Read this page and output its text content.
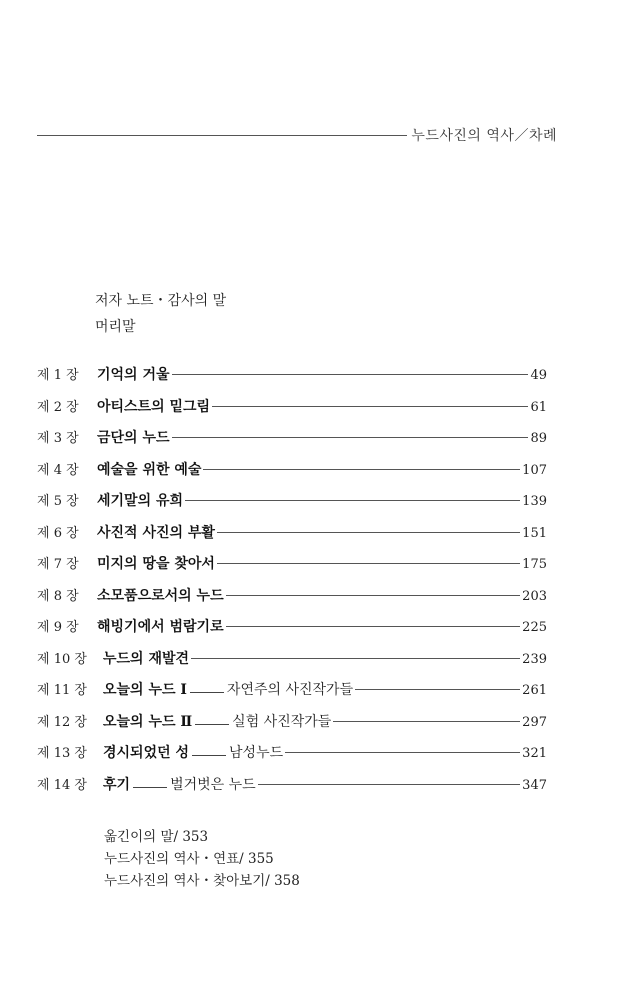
누드사진의 역사／차례
저자 노트・감사의 말
머리말
제 1 장	기억의 거울	49
제 2 장	아티스트의 밑그림	61
제 3 장	금단의 누드	89
제 4 장	예술을 위한 예술	107
제 5 장	세기말의 유희	139
제 6 장	사진적 사진의 부활	151
제 7 장	미지의 땅을 찾아서	175
제 8 장	소모품으로서의 누드	203
제 9 장	해빙기에서 범람기로	225
제 10 장	누드의 재발견	239
제 11 장	오늘의 누드 Ⅰ	자연주의 사진작가들	261
제 12 장	오늘의 누드 Ⅱ	실험 사진작가들	297
제 13 장	경시되었던 성	남성누드	321
제 14 장	후기	벌거벗은 누드	347
옮긴이의 말/ 353
누드사진의 역사・연표/ 355
누드사진의 역사・찾아보기/ 358
